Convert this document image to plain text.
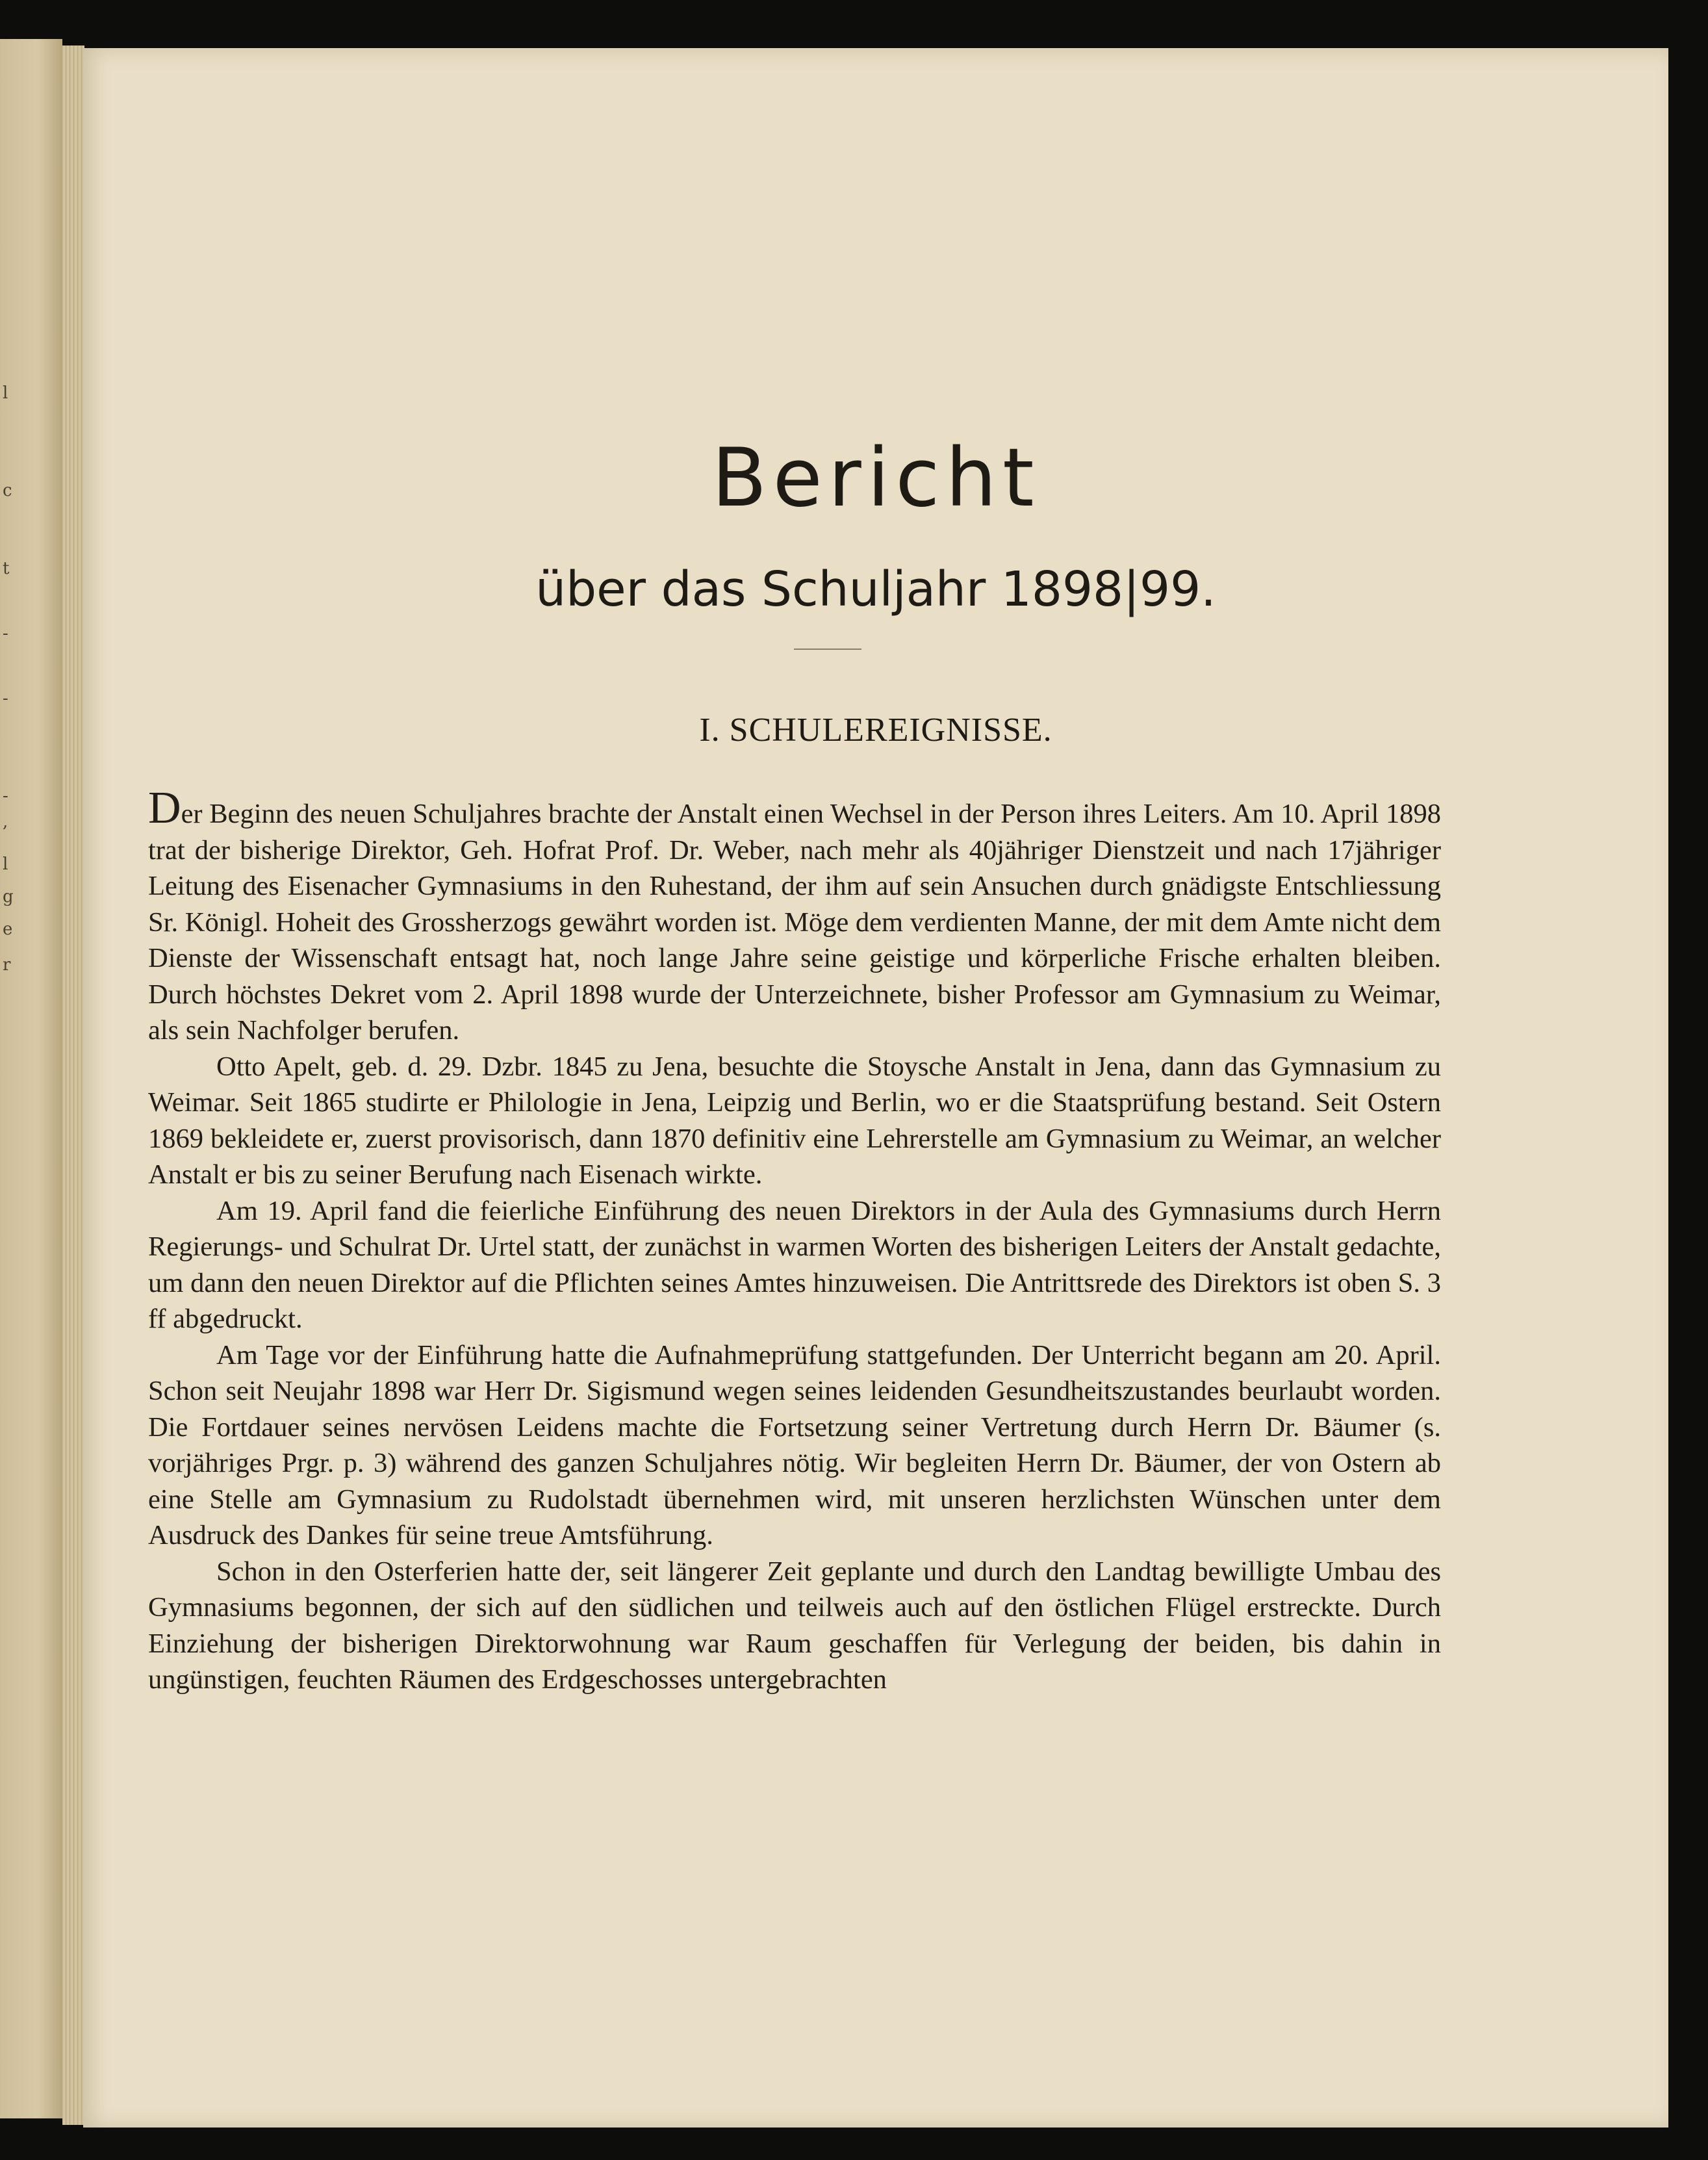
l
c
t
-
-
-
,
l
g
e
r
Bericht
über das Schuljahr 1898|99.
I. SCHULEREIGNISSE.

Der Beginn des neuen Schuljahres brachte der Anstalt einen Wechsel in der Person ihres Leiters. Am 10. April 1898 trat der bisherige Direktor, Geh. Hofrat Prof. Dr. Weber, nach mehr als 40jähriger Dienstzeit und nach 17jähriger Leitung des Eisenacher Gymnasiums in den Ruhestand, der ihm auf sein Ansuchen durch gnädigste Entschliessung Sr. Königl. Hoheit des Grossherzogs gewährt worden ist. Möge dem verdienten Manne, der mit dem Amte nicht dem Dienste der Wissenschaft entsagt hat, noch lange Jahre seine geistige und körperliche Frische erhalten bleiben. Durch höchstes Dekret vom 2. April 1898 wurde der Unterzeichnete, bisher Professor am Gymnasium zu Weimar, als sein Nachfolger berufen.

Otto Apelt, geb. d. 29. Dzbr. 1845 zu Jena, besuchte die Stoysche Anstalt in Jena, dann das Gymnasium zu Weimar. Seit 1865 studirte er Philologie in Jena, Leipzig und Berlin, wo er die Staatsprüfung bestand. Seit Ostern 1869 bekleidete er, zuerst provisorisch, dann 1870 definitiv eine Lehrerstelle am Gymnasium zu Weimar, an welcher Anstalt er bis zu seiner Berufung nach Eisenach wirkte.

Am 19. April fand die feierliche Einführung des neuen Direktors in der Aula des Gymnasiums durch Herrn Regierungs- und Schulrat Dr. Urtel statt, der zunächst in warmen Worten des bisherigen Leiters der Anstalt gedachte, um dann den neuen Direktor auf die Pflichten seines Amtes hinzuweisen. Die Antrittsrede des Direktors ist oben S. 3 ff abgedruckt.

Am Tage vor der Einführung hatte die Aufnahmeprüfung stattgefunden. Der Unterricht begann am 20. April. Schon seit Neujahr 1898 war Herr Dr. Sigismund wegen seines leidenden Gesundheitszustandes beurlaubt worden. Die Fortdauer seines nervösen Leidens machte die Fortsetzung seiner Vertretung durch Herrn Dr. Bäumer (s. vorjähriges Prgr. p. 3) während des ganzen Schuljahres nötig. Wir begleiten Herrn Dr. Bäumer, der von Ostern ab eine Stelle am Gymnasium zu Rudolstadt übernehmen wird, mit unseren herzlichsten Wünschen unter dem Ausdruck des Dankes für seine treue Amtsführung.

Schon in den Osterferien hatte der, seit längerer Zeit geplante und durch den Landtag bewilligte Umbau des Gymnasiums begonnen, der sich auf den südlichen und teilweis auch auf den östlichen Flügel erstreckte. Durch Einziehung der bisherigen Direktorwohnung war Raum geschaffen für Verlegung der beiden, bis dahin in ungünstigen, feuchten Räumen des Erdgeschosses untergebrachten
